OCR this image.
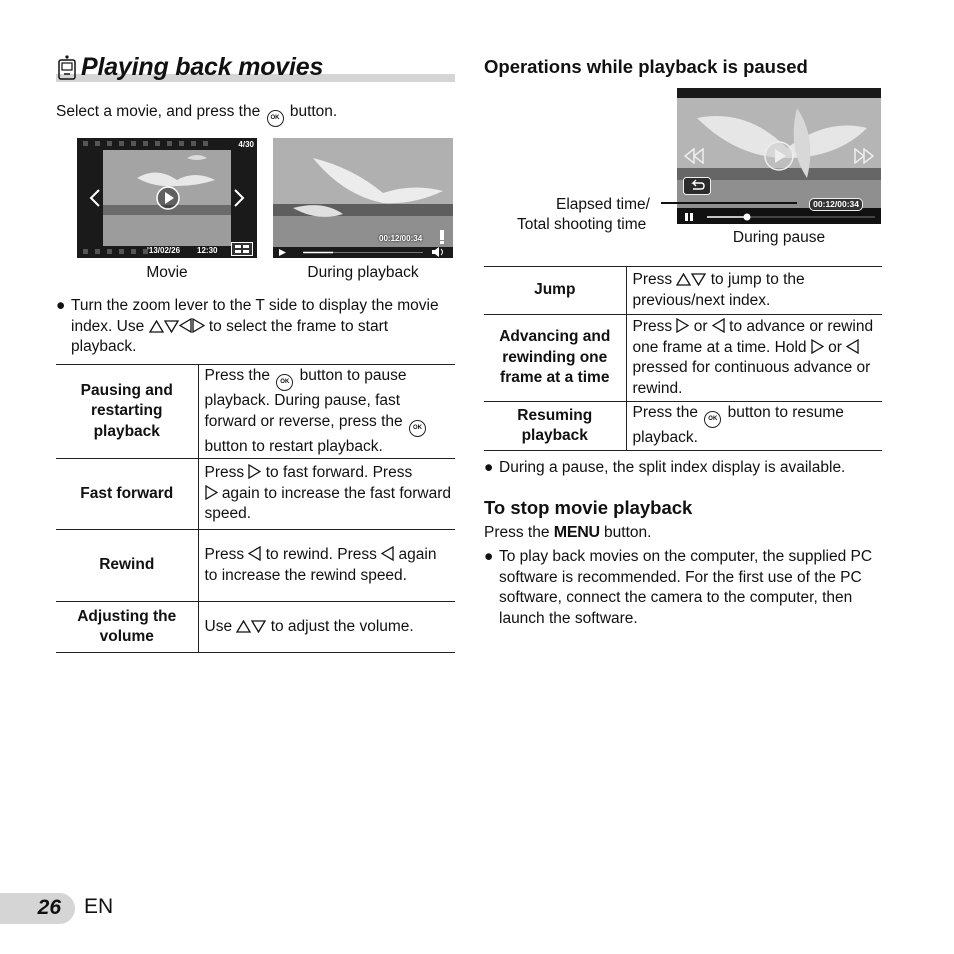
Playing back movies
Select a movie, and press the OK button.
4/30
'13/02/26 12:30
Movie
00:12/00:34
During playback
● Turn the zoom lever to the T side to display the movie index. Use	to select the frame to start playback.
Pausing and restarting playback	Press the OK button to pause playback. During pause, fast forward or reverse, press the OK button to restart playback.
Fast forward	Press to fast forward. Press
again to increase the fast forward speed.
Rewind	Press to rewind. Press again to increase the rewind speed.
Adjusting the volume	Use to adjust the volume.
Operations while playback is paused
00:12/00:34
Elapsed time/
Total shooting time
During pause
Jump	Press to jump to the previous/next index.
Advancing and rewinding one frame at a time	Press or to advance or rewind one frame at a time. Hold or  pressed for continuous advance or rewind.
Resuming playback	Press the OK button to resume playback.
● During a pause, the split index display is available.
To stop movie playback
Press the MENU button.
● To play back movies on the computer, the supplied PC software is recommended. For the first use of the PC software, connect the camera to the computer, then launch the software.
26 EN
